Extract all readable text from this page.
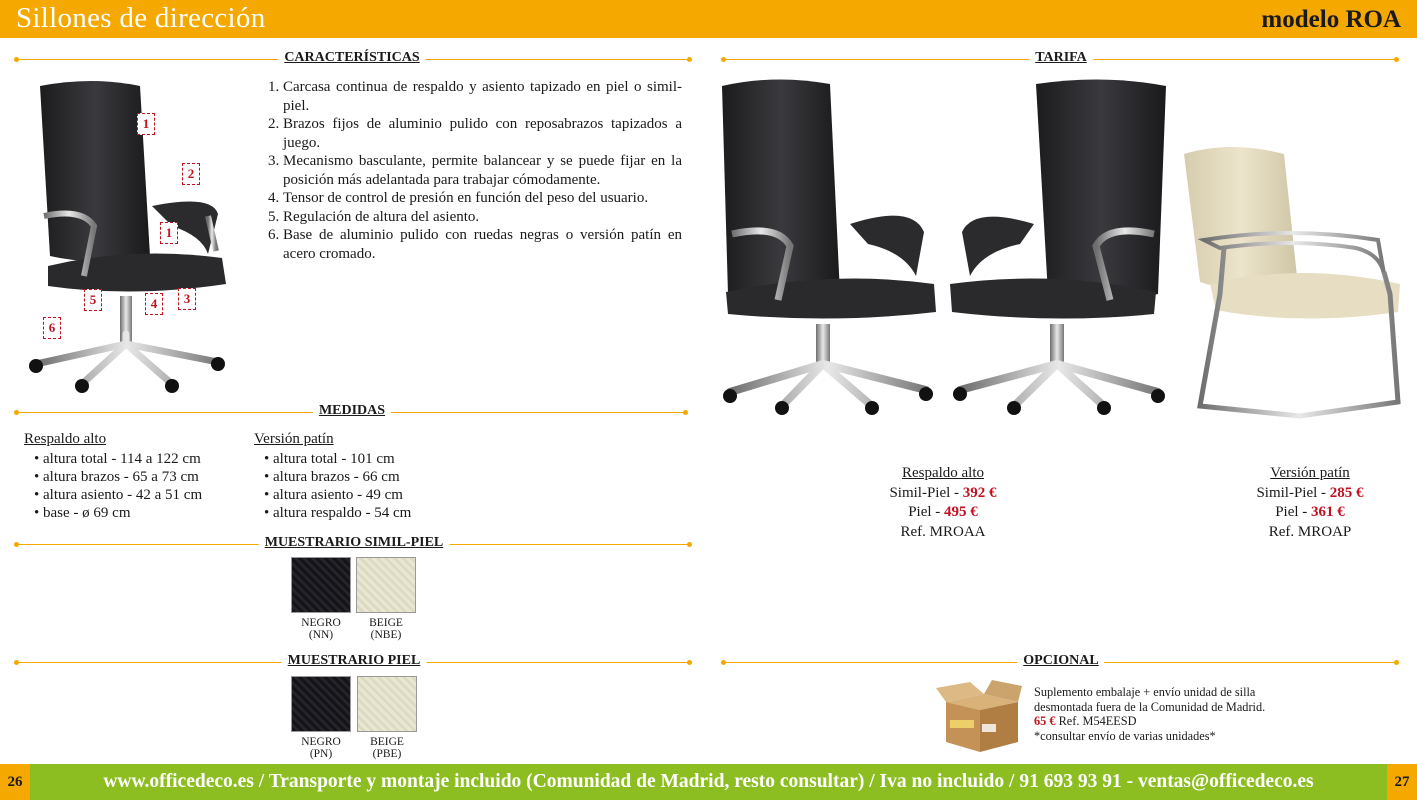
Sillones de dirección	modelo ROA
CARACTERÍSTICAS	TARIFA
1
2
1
5	4	3
6
1. Carcasa continua de respaldo y asiento tapizado en piel o simil-piel.
2. Brazos fijos de aluminio pulido con reposabrazos tapizados a juego.
3. Mecanismo basculante, permite balancear y se puede fijar en la posición más adelantada para trabajar cómodamente.
4. Tensor de control de presión en función del peso del usuario.
5. Regulación de altura del asiento.
6. Base de aluminio pulido con ruedas negras o versión patín en acero cromado.
Respaldo alto
Simil-Piel - 392 €
Piel - 495 €
Ref. MROAA
Versión patín
Simil-Piel - 285 €
Piel - 361 €
Ref. MROAP
MEDIDAS
Respaldo alto
• altura total - 114 a 122 cm
• altura brazos - 65 a 73 cm
• altura asiento - 42 a 51 cm
• base - ø 69 cm
Versión patín
• altura total - 101 cm
• altura brazos - 66 cm
• altura asiento - 49 cm
• altura respaldo - 54 cm
MUESTRARIO SIMIL-PIEL
NEGRO
(NN)
BEIGE
(NBE)
MUESTRARIO PIEL
NEGRO
(PN)
BEIGE
(PBE)
OPCIONAL
Suplemento embalaje + envío unidad de silla desmontada fuera de la Comunidad de Madrid. 65 € Ref. M54EESD
*consultar envío de varias unidades*
www.officedeco.es / Transporte y montaje incluido (Comunidad de Madrid, resto consultar) / Iva no incluido / 91 693 93 91 - ventas@officedeco.es
26	27
